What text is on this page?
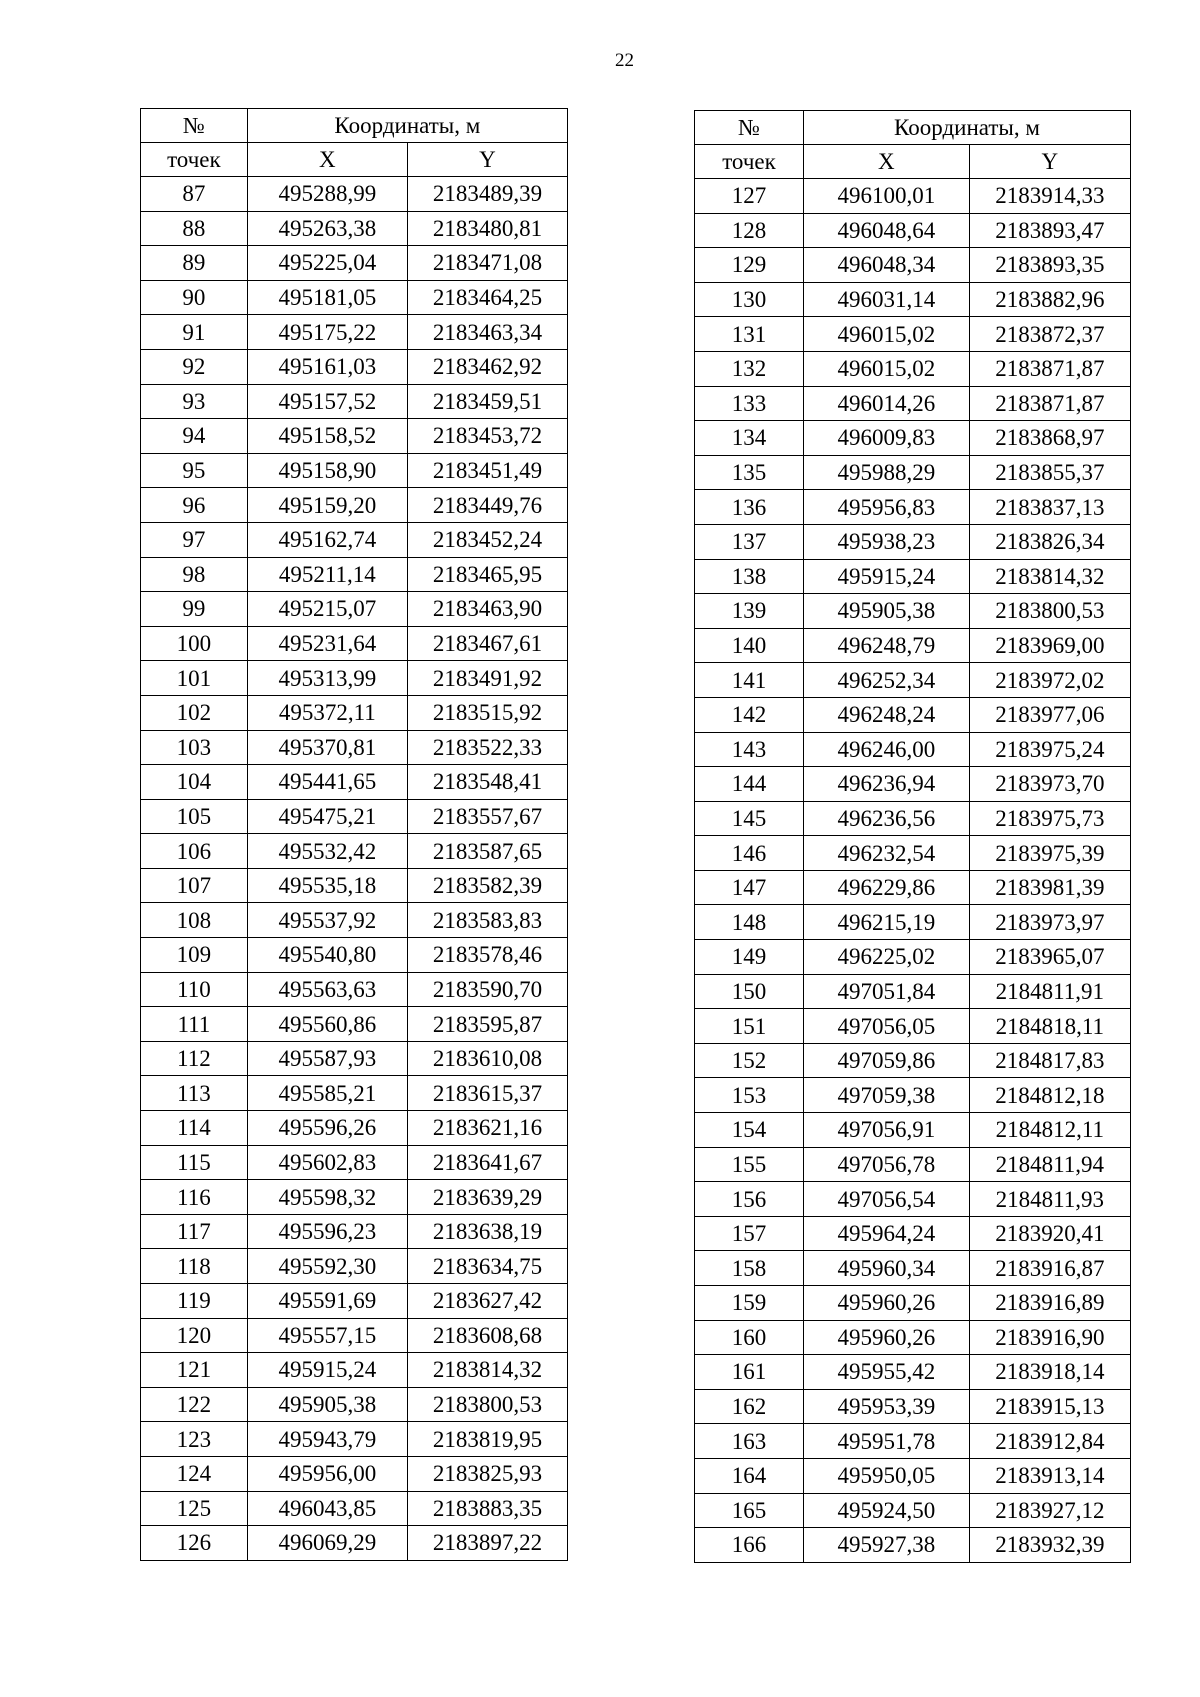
22
№	Координаты, м	
точек	X	Y
87	495288,99	2183489,39
88	495263,38	2183480,81
89	495225,04	2183471,08
90	495181,05	2183464,25
91	495175,22	2183463,34
92	495161,03	2183462,92
93	495157,52	2183459,51
94	495158,52	2183453,72
95	495158,90	2183451,49
96	495159,20	2183449,76
97	495162,74	2183452,24
98	495211,14	2183465,95
99	495215,07	2183463,90
100	495231,64	2183467,61
101	495313,99	2183491,92
102	495372,11	2183515,92
103	495370,81	2183522,33
104	495441,65	2183548,41
105	495475,21	2183557,67
106	495532,42	2183587,65
107	495535,18	2183582,39
108	495537,92	2183583,83
109	495540,80	2183578,46
110	495563,63	2183590,70
111	495560,86	2183595,87
112	495587,93	2183610,08
113	495585,21	2183615,37
114	495596,26	2183621,16
115	495602,83	2183641,67
116	495598,32	2183639,29
117	495596,23	2183638,19
118	495592,30	2183634,75
119	495591,69	2183627,42
120	495557,15	2183608,68
121	495915,24	2183814,32
122	495905,38	2183800,53
123	495943,79	2183819,95
124	495956,00	2183825,93
125	496043,85	2183883,35
126	496069,29	2183897,22
№	Координаты, м	
точек	X	Y
127	496100,01	2183914,33
128	496048,64	2183893,47
129	496048,34	2183893,35
130	496031,14	2183882,96
131	496015,02	2183872,37
132	496015,02	2183871,87
133	496014,26	2183871,87
134	496009,83	2183868,97
135	495988,29	2183855,37
136	495956,83	2183837,13
137	495938,23	2183826,34
138	495915,24	2183814,32
139	495905,38	2183800,53
140	496248,79	2183969,00
141	496252,34	2183972,02
142	496248,24	2183977,06
143	496246,00	2183975,24
144	496236,94	2183973,70
145	496236,56	2183975,73
146	496232,54	2183975,39
147	496229,86	2183981,39
148	496215,19	2183973,97
149	496225,02	2183965,07
150	497051,84	2184811,91
151	497056,05	2184818,11
152	497059,86	2184817,83
153	497059,38	2184812,18
154	497056,91	2184812,11
155	497056,78	2184811,94
156	497056,54	2184811,93
157	495964,24	2183920,41
158	495960,34	2183916,87
159	495960,26	2183916,89
160	495960,26	2183916,90
161	495955,42	2183918,14
162	495953,39	2183915,13
163	495951,78	2183912,84
164	495950,05	2183913,14
165	495924,50	2183927,12
166	495927,38	2183932,39
